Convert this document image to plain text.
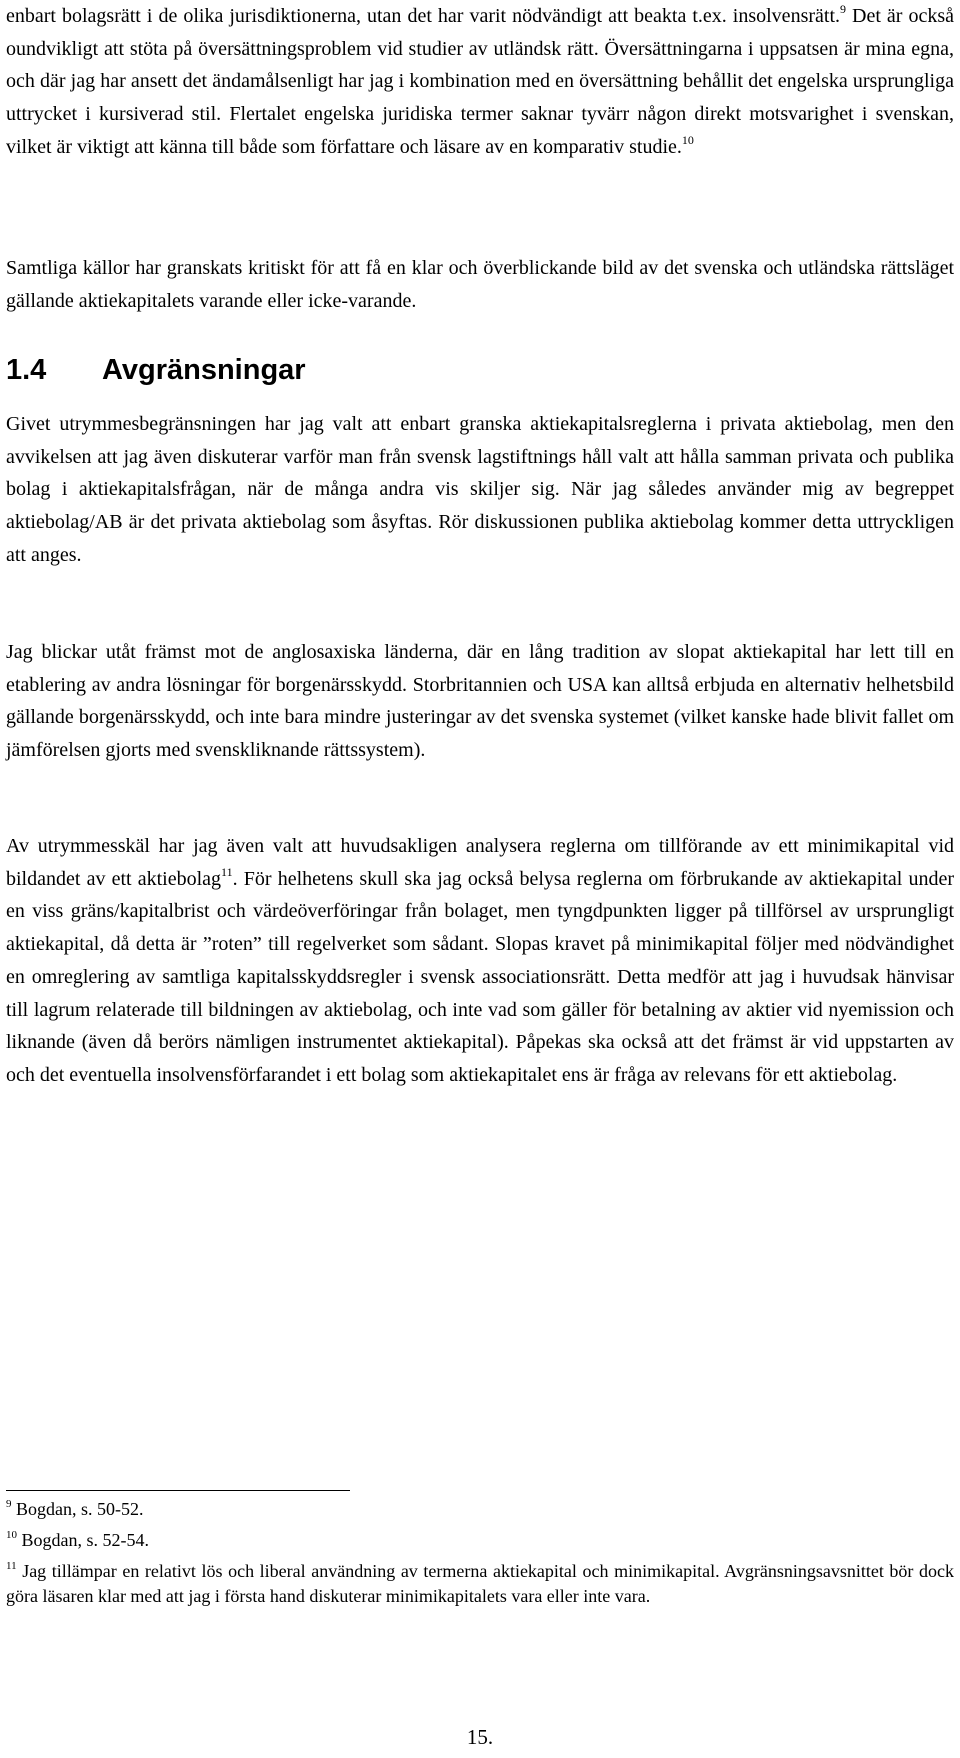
enbart bolagsrätt i de olika jurisdiktionerna, utan det har varit nödvändigt att beakta t.ex. insolvensrätt.$^9$ Det är också oundvikligt att stöta på översättningsproblem vid studier av utländsk rätt. Översättningarna i uppsatsen är mina egna, och där jag har ansett det ändamålsenligt har jag i kombination med en översättning behållit det engelska ursprungliga uttrycket i kursiverad stil. Flertalet engelska juridiska termer saknar tyvärr någon direkt motsvarighet i svenskan, vilket är viktigt att känna till både som författare och läsare av en komparativ studie.$^{10}$

Samtliga källor har granskats kritiskt för att få en klar och överblickande bild av det svenska och utländska rättsläget gällande aktiekapitalets varande eller icke-varande.

1.4 Avgränsningar

Givet utrymmesbegränsningen har jag valt att enbart granska aktiekapitalsreglerna i privata aktiebolag, men den avvikelsen att jag även diskuterar varför man från svensk lagstiftnings håll valt att hålla samman privata och publika bolag i aktiekapitalsfrågan, när de många andra vis skiljer sig. När jag således använder mig av begreppet aktiebolag/AB är det privata aktiebolag som åsyftas. Rör diskussionen publika aktiebolag kommer detta uttryckligen att anges.

Jag blickar utåt främst mot de anglosaxiska länderna, där en lång tradition av slopat aktiekapital har lett till en etablering av andra lösningar för borgenärsskydd. Storbritannien och USA kan alltså erbjuda en alternativ helhetsbild gällande borgenärsskydd, och inte bara mindre justeringar av det svenska systemet (vilket kanske hade blivit fallet om jämförelsen gjorts med svenskliknande rättssystem).

Av utrymmesskäl har jag även valt att huvudsakligen analysera reglerna om tillförande av ett minimikapital vid bildandet av ett aktiebolag$^{11}$. För helhetens skull ska jag också belysa reglerna om förbrukande av aktiekapital under en viss gräns/kapitalbrist och värdeöverföringar från bolaget, men tyngdpunkten ligger på tillförsel av ursprungligt aktiekapital, då detta är ”roten” till regelverket som sådant. Slopas kravet på minimikapital följer med nödvändighet en omreglering av samtliga kapitalsskyddsregler i svensk associationsrätt. Detta medför att jag i huvudsak hänvisar till lagrum relaterade till bildningen av aktiebolag, och inte vad som gäller för betalning av aktier vid nyemission och liknande (även då berörs nämligen instrumentet aktiekapital). Påpekas ska också att det främst är vid uppstarten av och det eventuella insolvensförfarandet i ett bolag som aktiekapitalet ens är fråga av relevans för ett aktiebolag.

$^9$ Bogdan, s. 50-52.

$^{10}$ Bogdan, s. 52-54.

$^{11}$ Jag tillämpar en relativt lös och liberal användning av termerna aktiekapital och minimikapital. Avgränsningsavsnittet bör dock göra läsaren klar med att jag i första hand diskuterar minimikapitalets vara eller inte vara.

15.
